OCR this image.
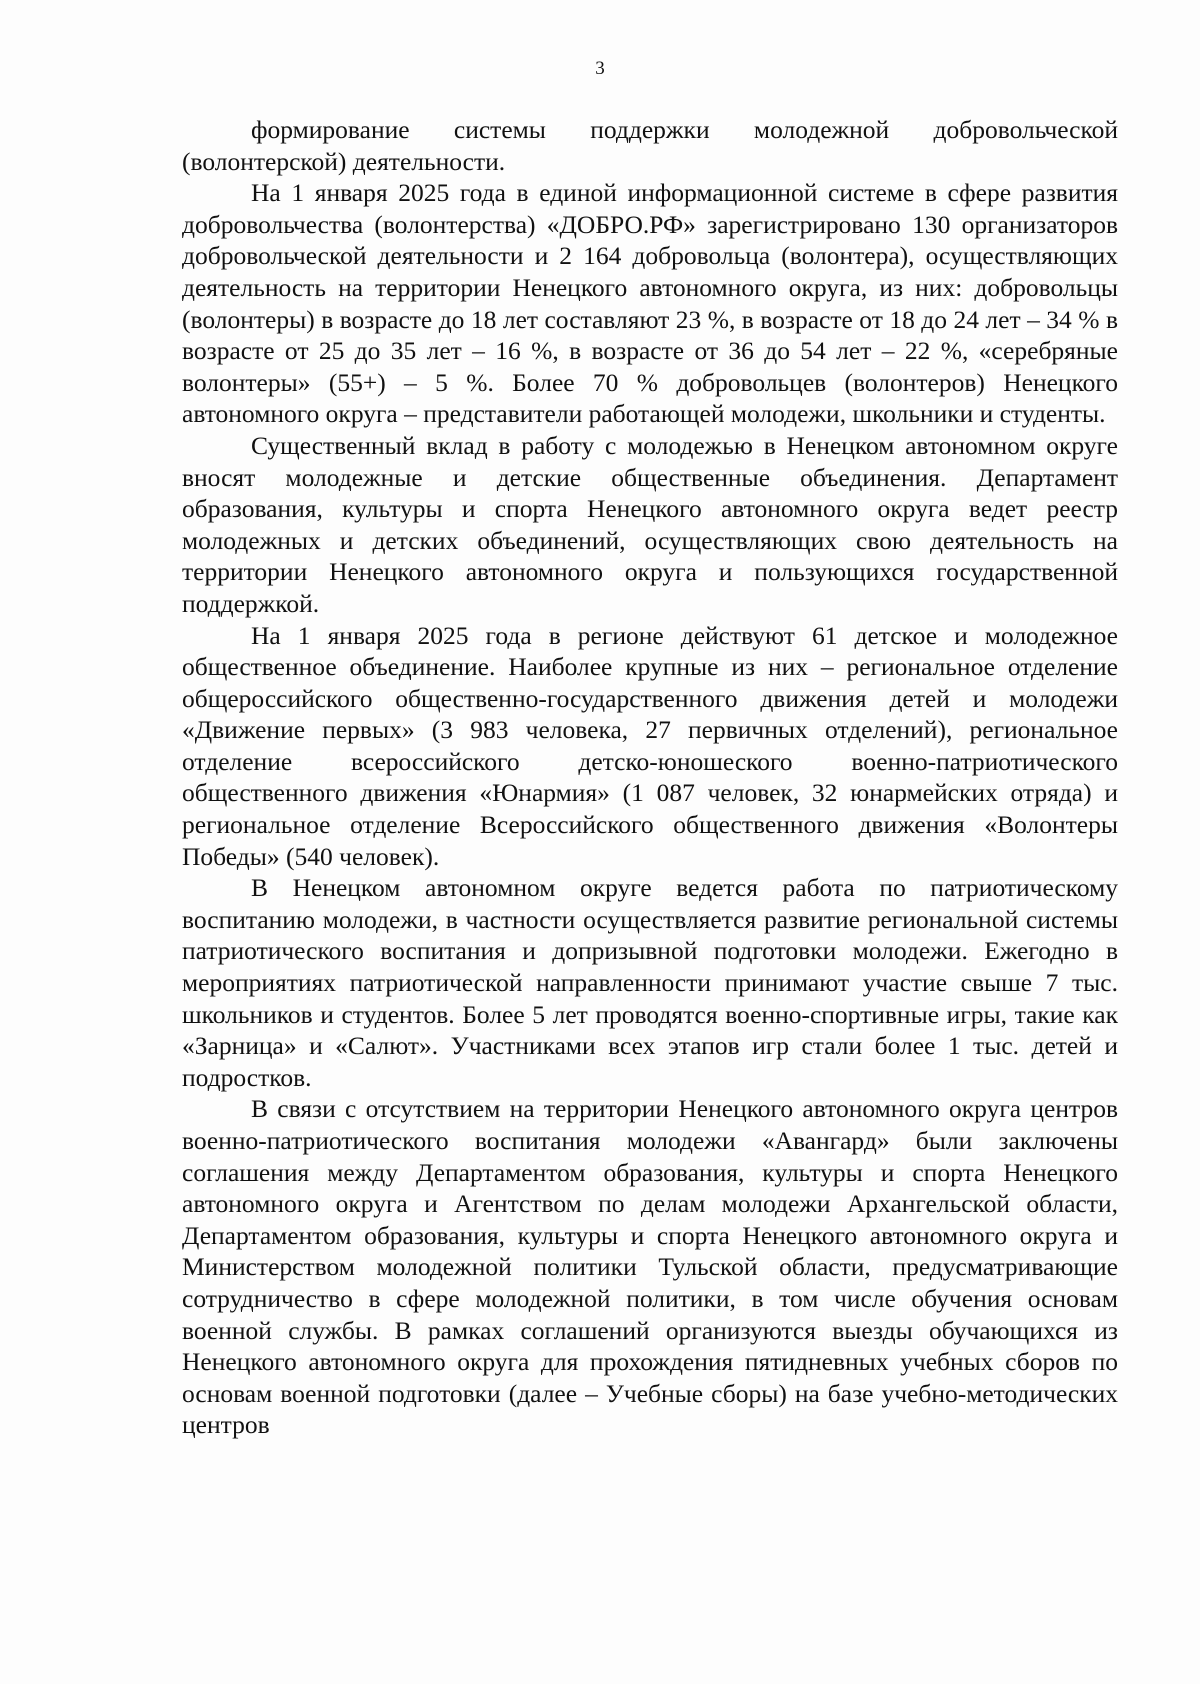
3

формирование системы поддержки молодежной добровольческой (волонтерской) деятельности.

На 1 января 2025 года в единой информационной системе в сфере развития добровольчества (волонтерства) «ДОБРО.РФ» зарегистрировано 130 организаторов добровольческой деятельности и 2 164 добровольца (волонтера), осуществляющих деятельность на территории Ненецкого автономного округа, из них: добровольцы (волонтеры) в возрасте до 18 лет составляют 23 %, в возрасте от 18 до 24 лет – 34 % в возрасте от 25 до 35 лет – 16 %, в возрасте от 36 до 54 лет – 22 %, «серебряные волонтеры» (55+) – 5 %. Более 70 % добровольцев (волонтеров) Ненецкого автономного округа – представители работающей молодежи, школьники и студенты.

Существенный вклад в работу с молодежью в Ненецком автономном округе вносят молодежные и детские общественные объединения. Департамент образования, культуры и спорта Ненецкого автономного округа ведет реестр молодежных и детских объединений, осуществляющих свою деятельность на территории Ненецкого автономного округа и пользующихся государственной поддержкой.

На 1 января 2025 года в регионе действуют 61 детское и молодежное общественное объединение. Наиболее крупные из них – региональное отделение общероссийского общественно-государственного движения детей и молодежи «Движение первых» (3 983 человека, 27 первичных отделений), региональное отделение всероссийского детско-юношеского военно-патриотического общественного движения «Юнармия» (1 087 человек, 32 юнармейских отряда) и региональное отделение Всероссийского общественного движения «Волонтеры Победы» (540 человек).

В Ненецком автономном округе ведется работа по патриотическому воспитанию молодежи, в частности осуществляется развитие региональной системы патриотического воспитания и допризывной подготовки молодежи. Ежегодно в мероприятиях патриотической направленности принимают участие свыше 7 тыс. школьников и студентов. Более 5 лет проводятся военно-спортивные игры, такие как «Зарница» и «Салют». Участниками всех этапов игр стали более 1 тыс. детей и подростков.

В связи с отсутствием на территории Ненецкого автономного округа центров военно-патриотического воспитания молодежи «Авангард» были заключены соглашения между Департаментом образования, культуры и спорта Ненецкого автономного округа и Агентством по делам молодежи Архангельской области, Департаментом образования, культуры и спорта Ненецкого автономного округа и Министерством молодежной политики Тульской области, предусматривающие сотрудничество в сфере молодежной политики, в том числе обучения основам военной службы. В рамках соглашений организуются выезды обучающихся из Ненецкого автономного округа для прохождения пятидневных учебных сборов по основам военной подготовки (далее – Учебные сборы) на базе учебно-методических центров
